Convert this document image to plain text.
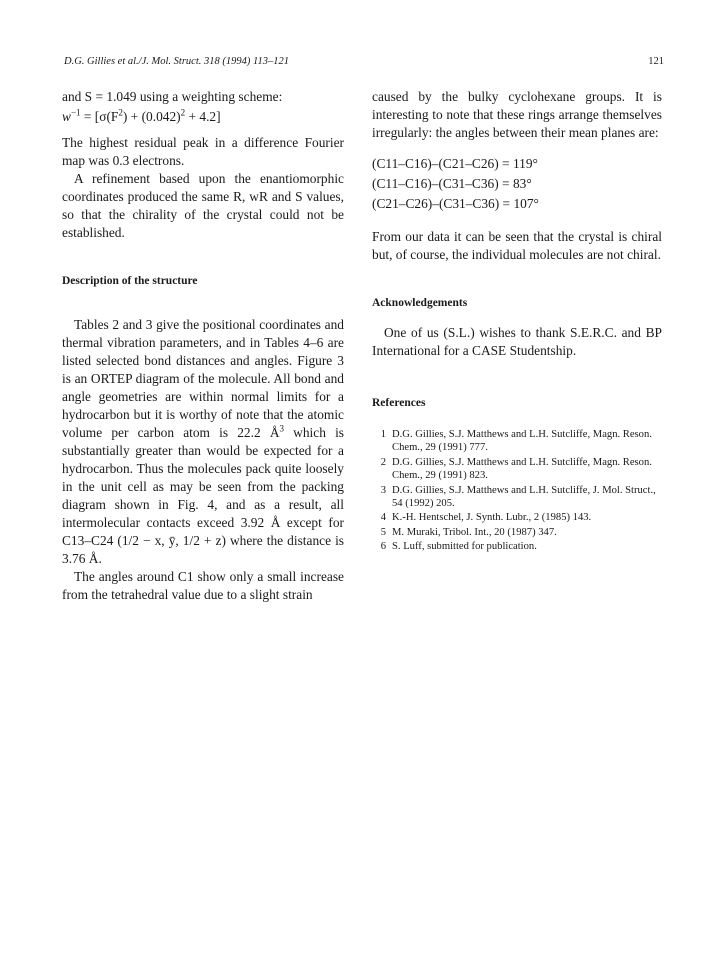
D.G. Gillies et al./J. Mol. Struct. 318 (1994) 113–121	121

and S = 1.049 using a weighting scheme:

$w^{-1} = [\sigma(F^2) + (0.042)^2 + 4.2]$

The highest residual peak in a difference Fourier map was 0.3 electrons.

A refinement based upon the enantiomorphic coordinates produced the same R, wR and S values, so that the chirality of the crystal could not be established.

Description of the structure

Tables 2 and 3 give the positional coordinates and thermal vibration parameters, and in Tables 4–6 are listed selected bond distances and angles. Figure 3 is an ORTEP diagram of the molecule. All bond and angle geometries are within normal limits for a hydrocarbon but it is worthy of note that the atomic volume per carbon atom is 22.2 $Å^3$ which is substantially greater than would be expected for a hydrocarbon. Thus the molecules pack quite loosely in the unit cell as may be seen from the packing diagram shown in Fig. 4, and as a result, all intermolecular contacts exceed 3.92 Å except for C13–C24 (1/2 − x, ȳ, 1/2 + z) where the distance is 3.76 Å.

The angles around C1 show only a small increase from the tetrahedral value due to a slight strain

caused by the bulky cyclohexane groups. It is interesting to note that these rings arrange themselves irregularly: the angles between their mean planes are:

(C11–C16)–(C21–C26) = 119°
(C11–C16)–(C31–C36) = 83°
(C21–C26)–(C31–C36) = 107°

From our data it can be seen that the crystal is chiral but, of course, the individual molecules are not chiral.

Acknowledgements

One of us (S.L.) wishes to thank S.E.R.C. and BP International for a CASE Studentship.

References
1 D.G. Gillies, S.J. Matthews and L.H. Sutcliffe, Magn. Reson. Chem., 29 (1991) 777.
2 D.G. Gillies, S.J. Matthews and L.H. Sutcliffe, Magn. Reson. Chem., 29 (1991) 823.
3 D.G. Gillies, S.J. Matthews and L.H. Sutcliffe, J. Mol. Struct., 54 (1992) 205.
4 K.-H. Hentschel, J. Synth. Lubr., 2 (1985) 143.
5 M. Muraki, Tribol. Int., 20 (1987) 347.
6 S. Luff, submitted for publication.
